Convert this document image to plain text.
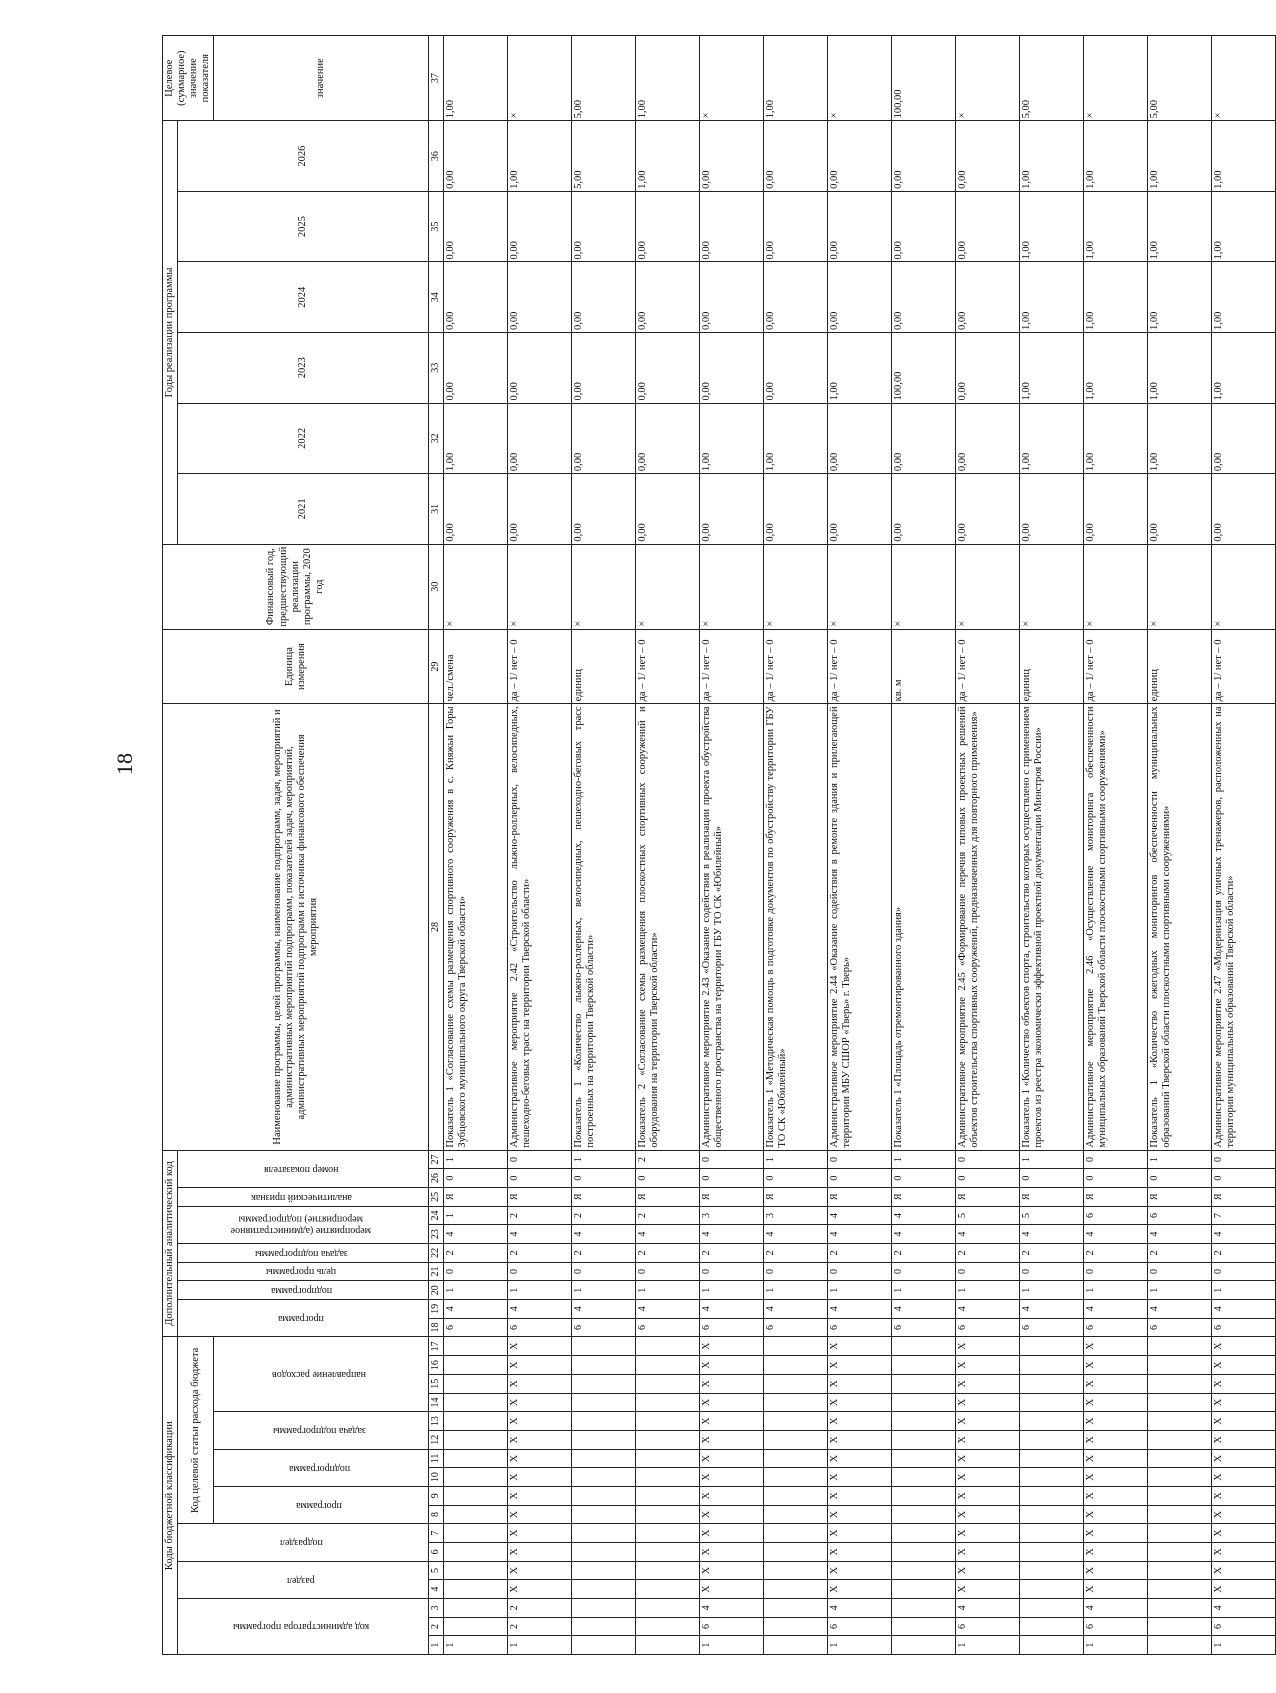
18
Коды бюджетной классификации																	Дополнительный аналитический код										Наименование программы, целей программы, наименование подпрограмм, задач, мероприятий и административных мероприятий подпрограмм, показателей задач, мероприятий, административных мероприятий подпрограмм и источника финансового обеспечения мероприятия	Единица измерения	Финансовый год, предшествующий реализации программы, 2020 год	Годы реализации программы						Целевое (суммарное) значение показателя
код администратора программы			раздел		подраздел		Код целевой статьи расхода бюджета										программа		подпрограмма	цель программы	задача подпрограммы	мероприятие (административное мероприятие) подпрограммы		аналитический признак	номер показателя					2021	2022	2023	2024	2025	2026	
							программа		подпрограмма		задача подпрограммы		направление расходов																							значение
1	2	3	4	5	6	7	8	9	10	11	12	13	14	15	16	17	18	19	20	21	22	23	24	25	26	27	28	29	30	31	32	33	34	35	36	37
1																	6	4	1	0	2	4	1	Я	0	1	Показатель 1 «Согласование схемы размещения спортивного сооружения в с. Княжьи Горы Зубцовского муниципального округа Тверской области»	чел./смена	×	0,00	1,00	0,00	0,00	0,00	0,00	1,00
1	2	2	X	X	X	X	X	X	X	X	X	X	X	X	X	X	6	4	1	0	2	4	2	Я	0	0	Административное мероприятие 2.42 «Строительство лыжно-роллерных, велосипедных, пешеходно-беговых трасс на территории Тверской области»	да – 1/ нет – 0	×	0,00	0,00	0,00	0,00	0,00	1,00	×
																	6	4	1	0	2	4	2	Я	0	1	Показатель 1 «Количество лыжно-роллерных, велосипедных, пешеходно-беговых трасс построенных на территории Тверской области»	единиц	×	0,00	0,00	0,00	0,00	0,00	5,00	5,00
																	6	4	1	0	2	4	2	Я	0	2	Показатель 2 «Согласование схемы размещения плоскостных спортивных сооружений и оборудования на территории Тверской области»	да – 1/ нет – 0	×	0,00	0,00	0,00	0,00	0,00	1,00	1,00
1	6	4	X	X	X	X	X	X	X	X	X	X	X	X	X	X	6	4	1	0	2	4	3	Я	0	0	Административное мероприятие 2.43 «Оказание содействия в реализации проекта обустройства общественного пространства на территории ГБУ ТО СК «Юбилейный»	да – 1/ нет – 0	×	0,00	1,00	0,00	0,00	0,00	0,00	×
																	6	4	1	0	2	4	3	Я	0	1	Показатель 1 «Методическая помощь в подготовке документов по обустройству территории ГБУ ТО СК «Юбилейный»	да – 1/ нет – 0	×	0,00	1,00	0,00	0,00	0,00	0,00	1,00
1	6	4	X	X	X	X	X	X	X	X	X	X	X	X	X	X	6	4	1	0	2	4	4	Я	0	0	Административное мероприятие 2.44 «Оказание содействия в ремонте здания и прилегающей территории МБУ СШОР «Тверь» г. Тверь»	да – 1/ нет – 0	×	0,00	0,00	1,00	0,00	0,00	0,00	×
																	6	4	1	0	2	4	4	Я	0	1	Показатель 1 «Площадь отремонтированного здания»	кв. м	×	0,00	0,00	100,00	0,00	0,00	0,00	100,00
1	6	4	X	X	X	X	X	X	X	X	X	X	X	X	X	X	6	4	1	0	2	4	5	Я	0	0	Административное мероприятие 2.45 «Формирование перечня типовых проектных решений объектов строительства спортивных сооружений, предназначенных для повторного применения»	да – 1/ нет – 0	×	0,00	0,00	0,00	0,00	0,00	0,00	×
																	6	4	1	0	2	4	5	Я	0	1	Показатель 1 «Количество объектов спорта, строительство которых осуществлено с применением проектов из реестра экономически эффективной проектной документации Минстроя России»	единиц	×	0,00	1,00	1,00	1,00	1,00	1,00	5,00
1	6	4	X	X	X	X	X	X	X	X	X	X	X	X	X	X	6	4	1	0	2	4	6	Я	0	0	Административное мероприятие 2.46 «Осуществление мониторинга обеспеченности муниципальных образований Тверской области плоскостными спортивными сооружениями»	да – 1/ нет – 0	×	0,00	1,00	1,00	1,00	1,00	1,00	×
																	6	4	1	0	2	4	6	Я	0	1	Показатель 1 «Количество ежегодных мониторингов обеспеченности муниципальных образований Тверской области плоскостными спортивными сооружениями»	единиц	×	0,00	1,00	1,00	1,00	1,00	1,00	5,00
1	6	4	X	X	X	X	X	X	X	X	X	X	X	X	X	X	6	4	1	0	2	4	7	Я	0	0	Административное мероприятие 2.47 «Модернизация уличных тренажеров, расположенных на территории муниципальных образований Тверской области»	да – 1/ нет – 0	×	0,00	0,00	1,00	1,00	1,00	1,00	×
